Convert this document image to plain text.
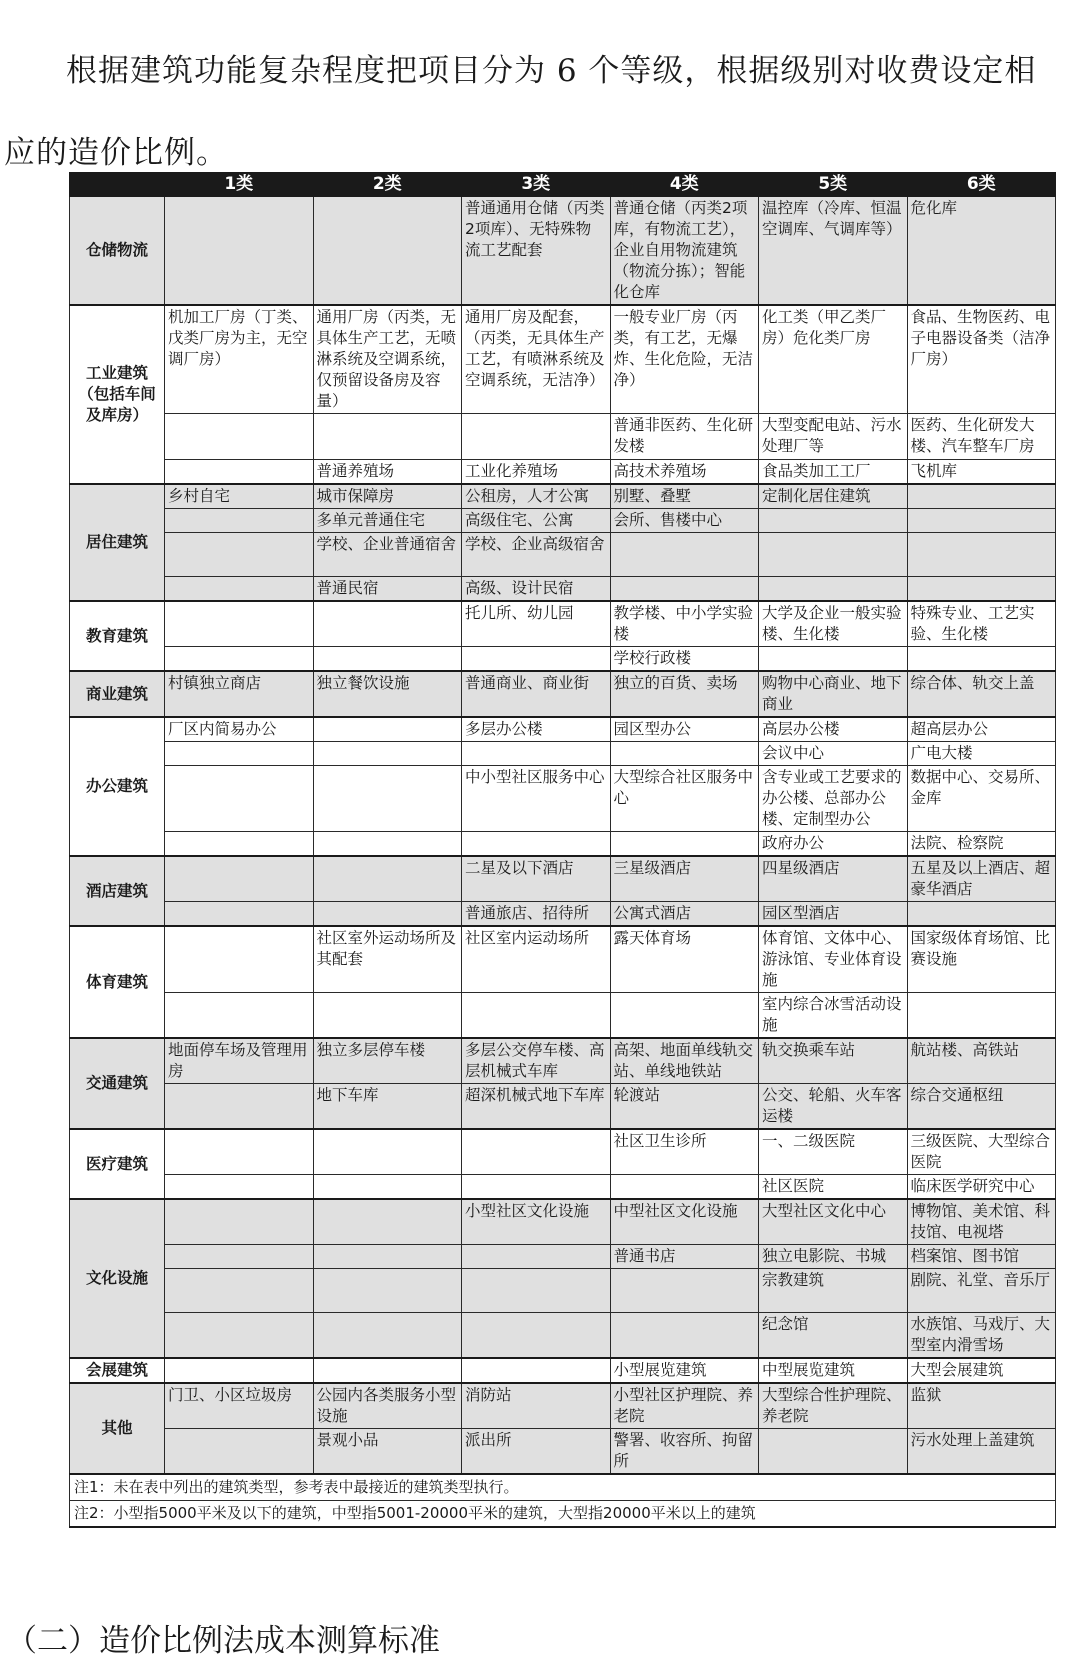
根据建筑功能复杂程度把项目分为 6 个等级，根据级别对收费设定相
应的造价比例。
	1类	2类	3类	4类	5类	6类
仓储物流			普通通用仓储（丙类2项库）、无特殊物流工艺配套	普通仓储（丙类2项库，有物流工艺），企业自用物流建筑（物流分拣）；智能化仓库	温控库（冷库、恒温空调库、气调库等）	危化库
工业建筑（包括车间及库房）	机加工厂房（丁类、戊类厂房为主，无空调厂房）	通用厂房（丙类，无具体生产工艺，无喷淋系统及空调系统，仅预留设备房及容量）	通用厂房及配套，（丙类，无具体生产工艺，有喷淋系统及空调系统，无洁净）	一般专业厂房（丙类，有工艺，无爆炸、生化危险，无洁净）	化工类（甲乙类厂房）危化类厂房	食品、生物医药、电子电器设备类（洁净厂房）
				普通非医药、生化研发楼	大型变配电站、污水处理厂等	医药、生化研发大楼、汽车整车厂房
		普通养殖场	工业化养殖场	高技术养殖场	食品类加工工厂	飞机库
居住建筑	乡村自宅	城市保障房	公租房，人才公寓	别墅、叠墅	定制化居住建筑	
		多单元普通住宅	高级住宅、公寓	会所、售楼中心		
		学校、企业普通宿舍	学校、企业高级宿舍			
		普通民宿	高级、设计民宿			
教育建筑			托儿所、幼儿园	教学楼、中小学实验楼	大学及企业一般实验楼、生化楼	特殊专业、工艺实验、生化楼
				学校行政楼		
商业建筑	村镇独立商店	独立餐饮设施	普通商业、商业街	独立的百货、卖场	购物中心商业、地下商业	综合体、轨交上盖
办公建筑	厂区内简易办公		多层办公楼	园区型办公	高层办公楼	超高层办公
					会议中心	广电大楼
			中小型社区服务中心	大型综合社区服务中心	含专业或工艺要求的办公楼、总部办公楼、定制型办公	数据中心、交易所、金库
					政府办公	法院、检察院
酒店建筑			二星及以下酒店	三星级酒店	四星级酒店	五星及以上酒店、超豪华酒店
			普通旅店、招待所	公寓式酒店	园区型酒店	
体育建筑		社区室外运动场所及其配套	社区室内运动场所	露天体育场	体育馆、文体中心、游泳馆、专业体育设施	国家级体育场馆、比赛设施
					室内综合冰雪活动设施	
交通建筑	地面停车场及管理用房	独立多层停车楼	多层公交停车楼、高层机械式车库	高架、地面单线轨交站、单线地铁站	轨交换乘车站	航站楼、高铁站
		地下车库	超深机械式地下车库	轮渡站	公交、轮船、火车客运楼	综合交通枢纽
医疗建筑				社区卫生诊所	一、二级医院	三级医院、大型综合医院
					社区医院	临床医学研究中心
文化设施			小型社区文化设施	中型社区文化设施	大型社区文化中心	博物馆、美术馆、科技馆、电视塔
				普通书店	独立电影院、书城	档案馆、图书馆
					宗教建筑	剧院、礼堂、音乐厅
					纪念馆	水族馆、马戏厅、大型室内滑雪场
会展建筑				小型展览建筑	中型展览建筑	大型会展建筑
其他	门卫、小区垃圾房	公园内各类服务小型设施	消防站	小型社区护理院、养老院	大型综合性护理院、养老院	监狱
		景观小品	派出所	警署、收容所、拘留所		污水处理上盖建筑
注1：未在表中列出的建筑类型，参考表中最接近的建筑类型执行。						
注2：小型指5000平米及以下的建筑，中型指5001-20000平米的建筑，大型指20000平米以上的建筑						
（二）造价比例法成本测算标准
